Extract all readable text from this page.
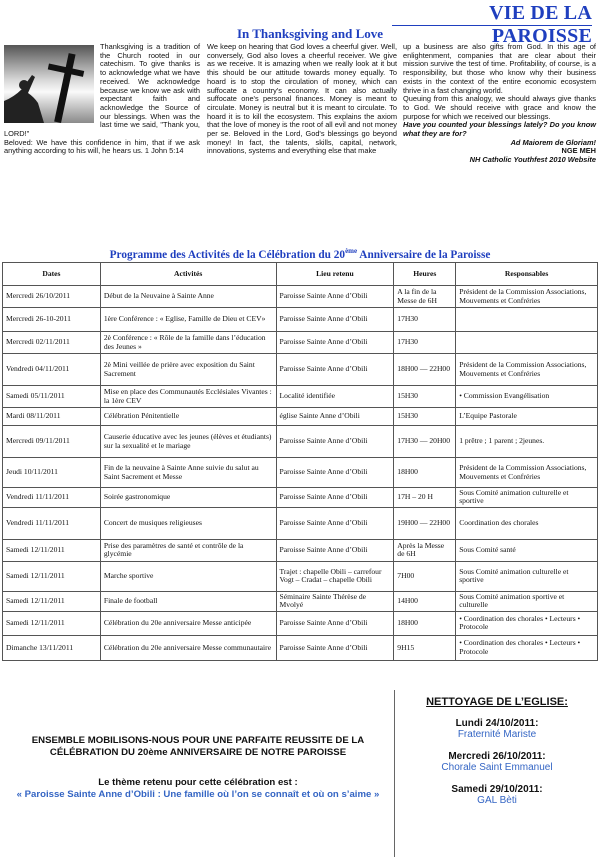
VIE DE LA PAROISSE
In Thanksgiving and Love

Thanksgiving is a tradition of the Church rooted in our catechism. To give thanks is to acknowledge what we have received. We acknowledge because we know we ask with expectant faith and acknowledge the Source of our blessings. When was the last time we said, "Thank you, LORD!"

Beloved: We have this confidence in him, that if we ask anything according to his will, he hears us. 1 John 5:14

We keep on hearing that God loves a cheerful giver. Well, conversely, God also loves a cheerful receiver. We give as we receive. It is amazing when we really look at it but this should be our attitude towards money equally. To hoard is to stop the circulation of money, which can suffocate a country's economy. It can also actually suffocate one's personal finances. Money is meant to circulate. Money is neutral but it is meant to circulate. To hoard it is to kill the ecosystem. This explains the axiom that the love of money is the root of all evil and not money per se. Beloved in the Lord, God's blessings go beyond money! In fact, the talents, skills, capital, network, innovations, systems and everything else that make

up a business are also gifts from God. In this age of enlightenment, companies that are clear about their mission survive the test of time. Profitability, of course, is a responsibility, but those who know why their business exists in the context of the entire economic ecosystem thrive in a fast changing world.

Queuing from this analogy, we should always give thanks to God. We should receive with grace and know the purpose for which we received our blessings.

Have you counted your blessings lately? Do you know what they are for?

Ad Maiorem de Gloriam!

NGE MEH

NH Catholic Youthfest 2010 Website

Programme des Activités de la Célébration du 20ème Anniversaire de la Paroisse
Dates	Activités	Lieu retenu	Heures	Responsables
Mercredi 26/10/2011	Début de la Neuvaine à Sainte Anne	Paroisse Sainte Anne d’Obili	A la fin de la Messe de 6H	Président de la Commission Associations, Mouvements et Confréries
Mercredi 26-10-2011	1ère Conférence : « Eglise, Famille de Dieu et CEV»	Paroisse Sainte Anne d’Obili	17H30	
Mercredi 02/11/2011	2è Conférence : « Rôle de la famille dans l’éducation des Jeunes »	Paroisse Sainte Anne d’Obili	17H30	
Vendredi 04/11/2011	2è Mini veillée de prière avec exposition du Saint Sacrement	Paroisse Sainte Anne d’Obili	18H00 — 22H00	Président de la Commission Associations, Mouvements et Confréries
Samedi 05/11/2011	Mise en place des Communautés Ecclésiales Vivantes : la 1ère CEV	Localité identifiée	15H30	• Commission Evangélisation
Mardi 08/11/2011	Célébration Pénitentielle	église Sainte Anne d’Obili	15H30	L’Equipe Pastorale
Mercredi 09/11/2011	Causerie éducative avec les jeunes (élèves et étudiants) sur la sexualité et le mariage	Paroisse Sainte Anne d’Obili	17H30 — 20H00	1 prêtre ; 1 parent ; 2jeunes.
Jeudi 10/11/2011	Fin de la neuvaine à Sainte Anne suivie du salut au Saint Sacrement et Messe	Paroisse Sainte Anne d’Obili	18H00	Président de la Commission Associations, Mouvements et Confréries
Vendredi 11/11/2011	Soirée gastronomique	Paroisse Sainte Anne d’Obili	17H – 20 H	Sous Comité animation culturelle et sportive
Vendredi 11/11/2011	Concert de musiques religieuses	Paroisse Sainte Anne d’Obili	19H00 — 22H00	Coordination des chorales
Samedi 12/11/2011	Prise des paramètres de santé et contrôle de la glycémie	Paroisse Sainte Anne d’Obili	Après la Messe de 6H	Sous Comité santé
Samedi 12/11/2011	Marche sportive	Trajet : chapelle Obili – carrefour Vogt – Cradat – chapelle Obili	7H00	Sous Comité animation culturelle et sportive
Samedi 12/11/2011	Finale de football	Séminaire Sainte Thérèse de Mvolyé	14H00	Sous Comité animation sportive et culturelle
Samedi 12/11/2011	Célébration du 20e anniversaire Messe anticipée	Paroisse Sainte Anne d’Obili	18H00	• Coordination des chorales • Lecteurs • Protocole
Dimanche 13/11/2011	Célébration du 20e anniversaire Messe communautaire	Paroisse Sainte Anne d’Obili	9H15	• Coordination des chorales • Lecteurs • Protocole

ENSEMBLE MOBILISONS-NOUS POUR UNE PARFAITE REUSSITE DE LA CÉLÉBRATION DU 20ème ANNIVERSAIRE DE NOTRE PAROISSE

Le thème retenu pour cette célébration est :

« Paroisse Sainte Anne d’Obili : Une famille où l’on se connaît et où on s’aime »

NETTOYAGE DE L’EGLISE:
Lundi 24/10/2011:
Fraternité Mariste
Mercredi 26/10/2011:
Chorale Saint Emmanuel
Samedi 29/10/2011:
GAL Bèti
